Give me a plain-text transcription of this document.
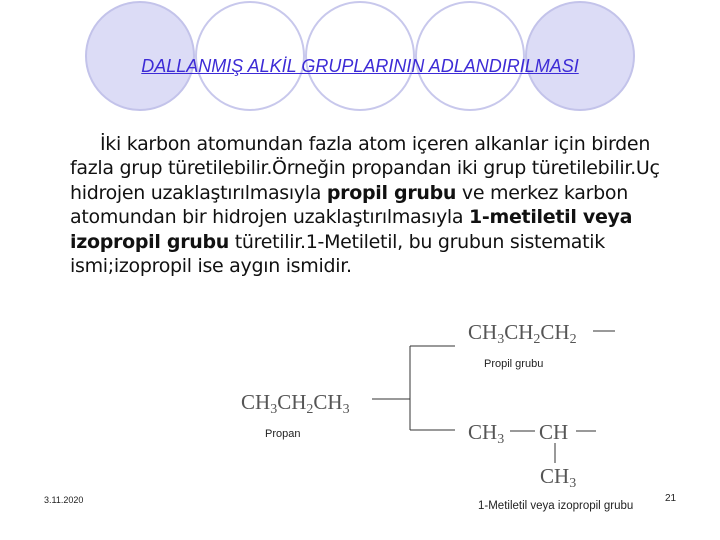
DALLANMIŞ ALKİL GRUPLARININ ADLANDIRILMASI
İki karbon atomundan fazla atom içeren alkanlar için birden fazla grup türetilebilir.Örneğin propandan iki grup türetilebilir.Uç hidrojen uzaklaştırılmasıyla propil grubu ve merkez karbon atomundan bir hidrojen uzaklaştırılmasıyla 1-metiletil veya izopropil grubu türetilir.1-Metiletil, bu grubun sistematik ismi;izopropil ise aygın ismidir.
$CH_3CH_2CH_2$
Propil grubu
$CH_3CH_2CH_3$
Propan	$CH_3$ CH
$CH_3$
1-Metiletil veya izopropil grubu
3.11.2020	21
